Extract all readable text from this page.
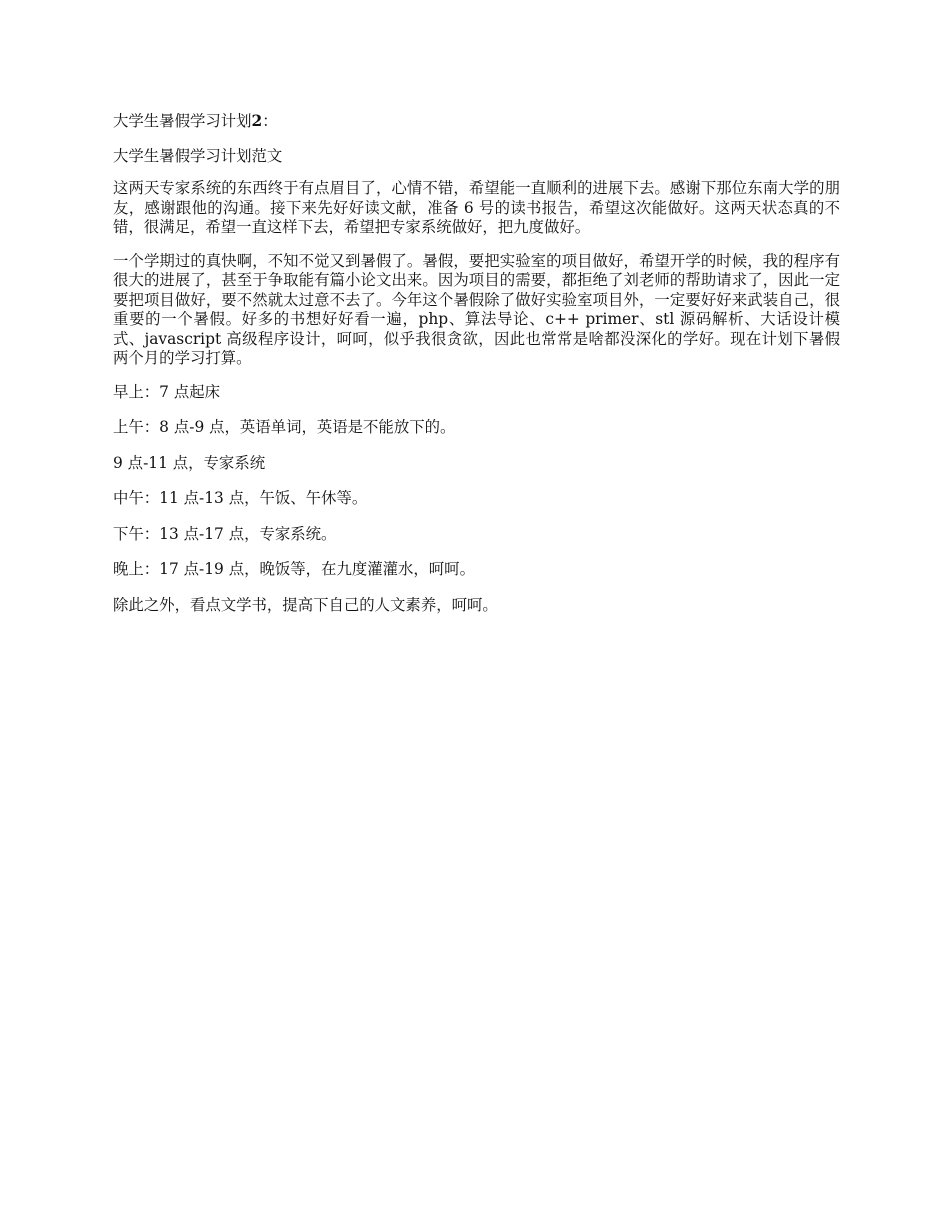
大学生暑假学习计划2：

大学生暑假学习计划范文

这两天专家系统的东西终于有点眉目了，心情不错，希望能一直顺利的进展下去。感谢下那位东南大学的朋友，感谢跟他的沟通。接下来先好好读文献，准备 6 号的读书报告，希望这次能做好。这两天状态真的不错，很满足，希望一直这样下去，希望把专家系统做好，把九度做好。

一个学期过的真快啊，不知不觉又到暑假了。暑假，要把实验室的项目做好，希望开学的时候，我的程序有很大的进展了，甚至于争取能有篇小论文出来。因为项目的需要，都拒绝了刘老师的帮助请求了，因此一定要把项目做好，要不然就太过意不去了。今年这个暑假除了做好实验室项目外，一定要好好来武装自己，很重要的一个暑假。好多的书想好好看一遍，php、算法导论、c++ primer、stl 源码解析、大话设计模式、javascript 高级程序设计，呵呵，似乎我很贪欲，因此也常常是啥都没深化的学好。现在计划下暑假两个月的学习打算。

早上：7 点起床

上午：8 点-9 点，英语单词，英语是不能放下的。

9 点-11 点，专家系统

中午：11 点-13 点，午饭、午休等。

下午：13 点-17 点，专家系统。

晚上：17 点-19 点，晚饭等，在九度灌灌水，呵呵。

除此之外，看点文学书，提高下自己的人文素养，呵呵。
